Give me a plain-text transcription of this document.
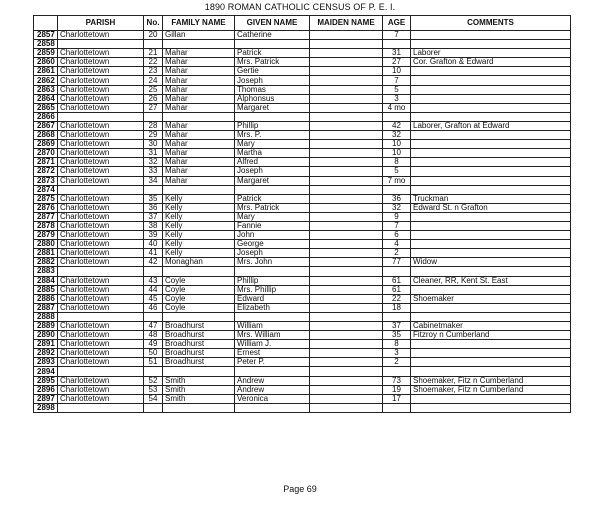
1890 ROMAN CATHOLIC CENSUS OF P. E. I.
	PARISH	No.	FAMILY NAME	GIVEN NAME	MAIDEN NAME	AGE	COMMENTS
2857	Charlottetown	20	Gillan	Catherine		7	
2858							
2859	Charlottetown	21	Mahar	Patrick		31	Laborer
2860	Charlottetown	22	Mahar	Mrs. Patrick		27	Cor. Grafton & Edward
2861	Charlottetown	23	Mahar	Gertie		10	
2862	Charlottetown	24	Mahar	Joseph		7	
2863	Charlottetown	25	Mahar	Thomas		5	
2864	Charlottetown	26	Mahar	Alphonsus		3	
2865	Charlottetown	27	Mahar	Margaret		4 mo	
2866							
2867	Charlottetown	28	Mahar	Phillip		42	Laborer, Grafton at Edward
2868	Charlottetown	29	Mahar	Mrs. P.		32	
2869	Charlottetown	30	Mahar	Mary		10	
2870	Charlottetown	31	Mahar	Martha		10	
2871	Charlottetown	32	Mahar	Alfred		8	
2872	Charlottetown	33	Mahar	Joseph		5	
2873	Charlottetown	34	Mahar	Margaret		7 mo	
2874							
2875	Charlottetown	35	Kelly	Patrick		36	Truckman
2876	Charlottetown	36	Kelly	Mrs. Patrick		32	Edward St. n Grafton
2877	Charlottetown	37	Kelly	Mary		9	
2878	Charlottetown	38	Kelly	Fannie		7	
2879	Charlottetown	39	Kelly	John		6	
2880	Charlottetown	40	Kelly	George		4	
2881	Charlottetown	41	Kelly	Joseph		2	
2882	Charlottetown	42	Monaghan	Mrs. John		77	Widow
2883							
2884	Charlottetown	43	Coyle	Phillip		61	Cleaner, RR, Kent St. East
2885	Charlottetown	44	Coyle	Mrs. Phillip		61	
2886	Charlottetown	45	Coyle	Edward		22	Shoemaker
2887	Charlottetown	46	Coyle	Elizabeth		18	
2888							
2889	Charlottetown	47	Broadhurst	William		37	Cabinetmaker
2890	Charlottetown	48	Broadhurst	Mrs. William		35	Fitzroy n Cumberland
2891	Charlottetown	49	Broadhurst	William J.		8	
2892	Charlottetown	50	Broadhurst	Ernest		3	
2893	Charlottetown	51	Broadhurst	Peter P.		2	
2894							
2895	Charlottetown	52	Smith	Andrew		73	Shoemaker, Fitz n Cumberland
2896	Charlottetown	53	Smith	Andrew		19	Shoemaker, Fitz n Cumberland
2897	Charlottetown	54	Smith	Veronica		17	
2898							
Page 69
